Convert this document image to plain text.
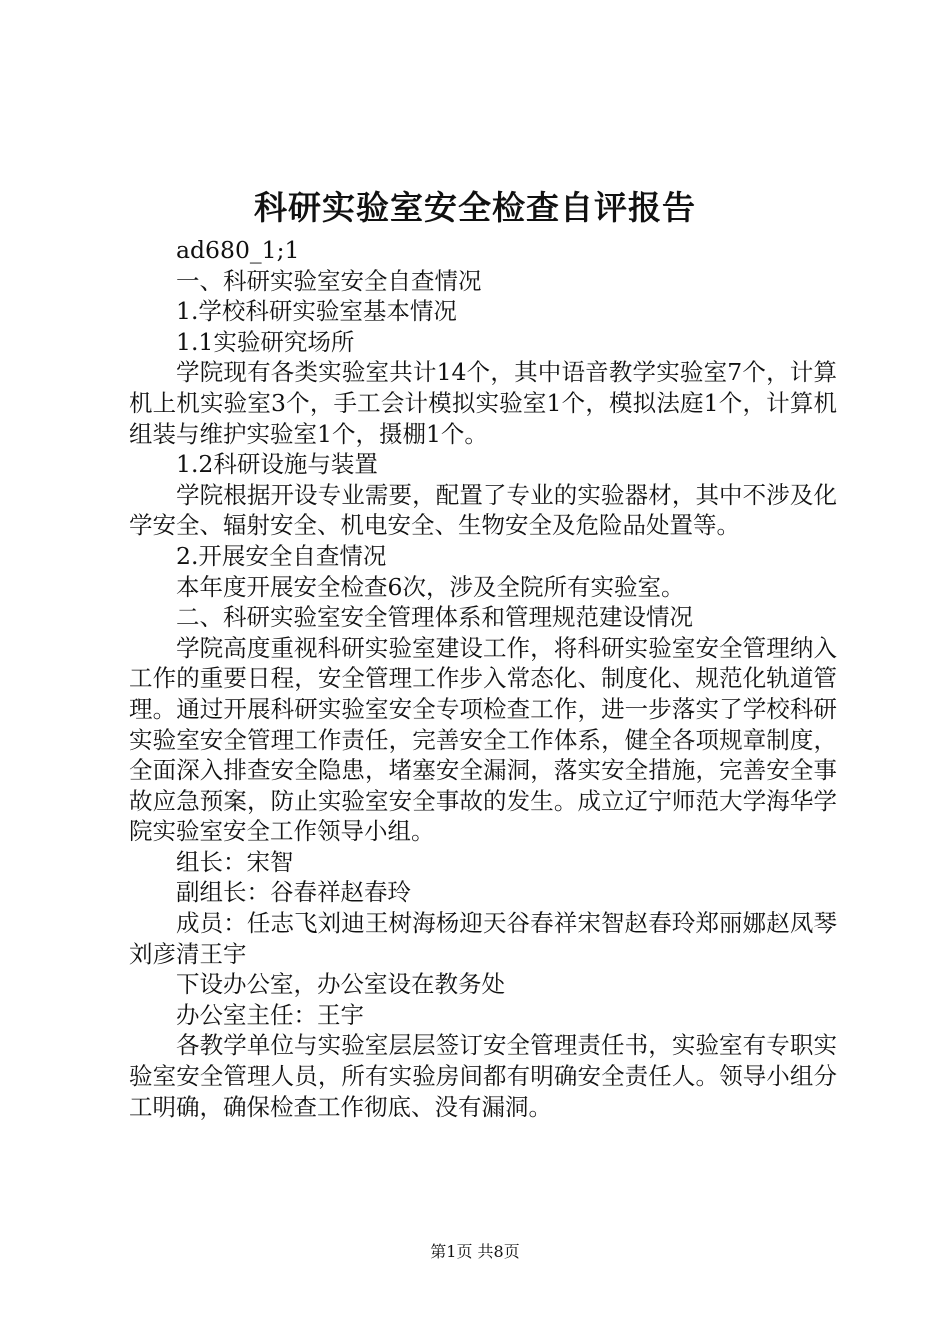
科研实验室安全检查自评报告

ad680_1;1

一、科研实验室安全自查情况

1.学校科研实验室基本情况

1.1实验研究场所

学院现有各类实验室共计14个，其中语音教学实验室7个，计算机上机实验室3个，手工会计模拟实验室1个，模拟法庭1个，计算机组装与维护实验室1个，摄棚1个。

1.2科研设施与装置

学院根据开设专业需要，配置了专业的实验器材，其中不涉及化学安全、辐射安全、机电安全、生物安全及危险品处置等。

2.开展安全自查情况

本年度开展安全检查6次，涉及全院所有实验室。

二、科研实验室安全管理体系和管理规范建设情况

学院高度重视科研实验室建设工作，将科研实验室安全管理纳入工作的重要日程，安全管理工作步入常态化、制度化、规范化轨道管理。通过开展科研实验室安全专项检查工作，进一步落实了学校科研实验室安全管理工作责任，完善安全工作体系，健全各项规章制度，全面深入排查安全隐患，堵塞安全漏洞，落实安全措施，完善安全事故应急预案，防止实验室安全事故的发生。成立辽宁师范大学海华学院实验室安全工作领导小组。

组长：宋智

副组长：谷春祥赵春玲

成员：任志飞刘迪王树海杨迎天谷春祥宋智赵春玲郑丽娜赵凤琴刘彦清王宇

下设办公室，办公室设在教务处

办公室主任：王宇

各教学单位与实验室层层签订安全管理责任书，实验室有专职实验室安全管理人员，所有实验房间都有明确安全责任人。领导小组分工明确，确保检查工作彻底、没有漏洞。

第1页 共8页
